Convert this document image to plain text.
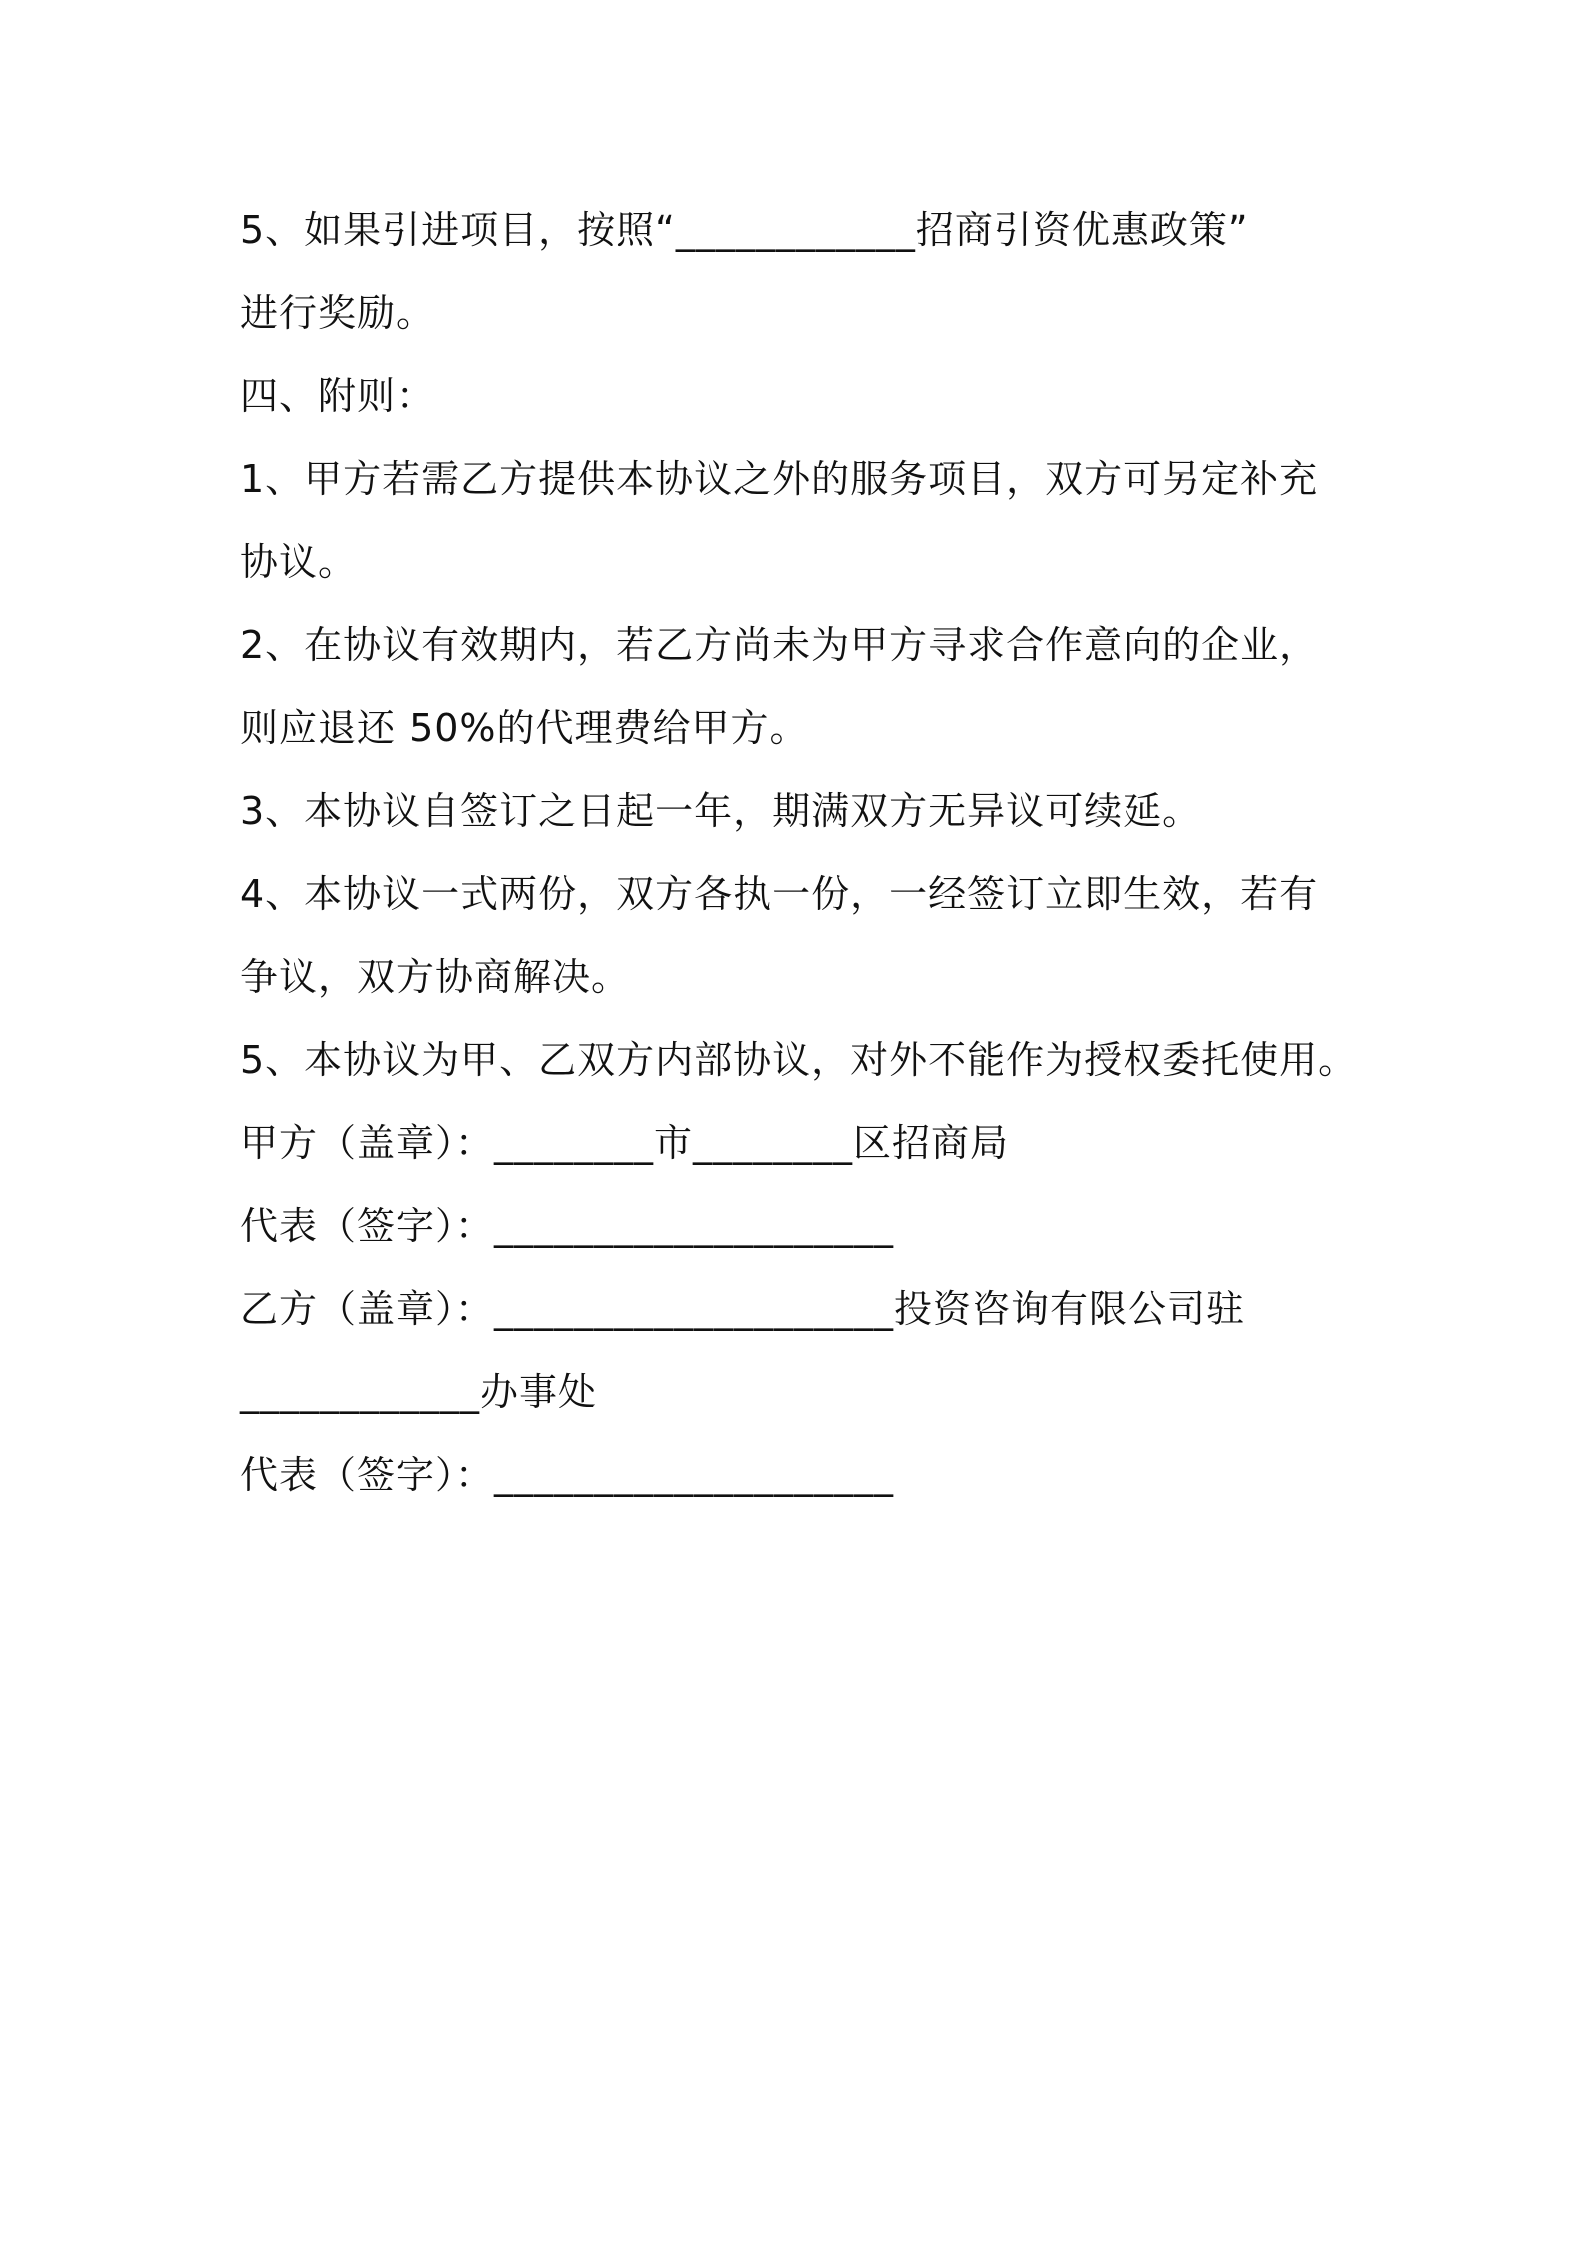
5、如果引进项目，按照“____________招商引资优惠政策”
进行奖励。
四、附则：
1、甲方若需乙方提供本协议之外的服务项目，双方可另定补充
协议。
2、在协议有效期内，若乙方尚未为甲方寻求合作意向的企业，
则应退还 50%的代理费给甲方。
3、本协议自签订之日起一年，期满双方无异议可续延。
4、本协议一式两份，双方各执一份，一经签订立即生效，若有
争议，双方协商解决。
5、本协议为甲、乙双方内部协议，对外不能作为授权委托使用。
甲方（盖章）：________市________区招商局
代表（签字）：____________________
乙方（盖章）：____________________投资咨询有限公司驻
____________办事处
代表（签字）：____________________
